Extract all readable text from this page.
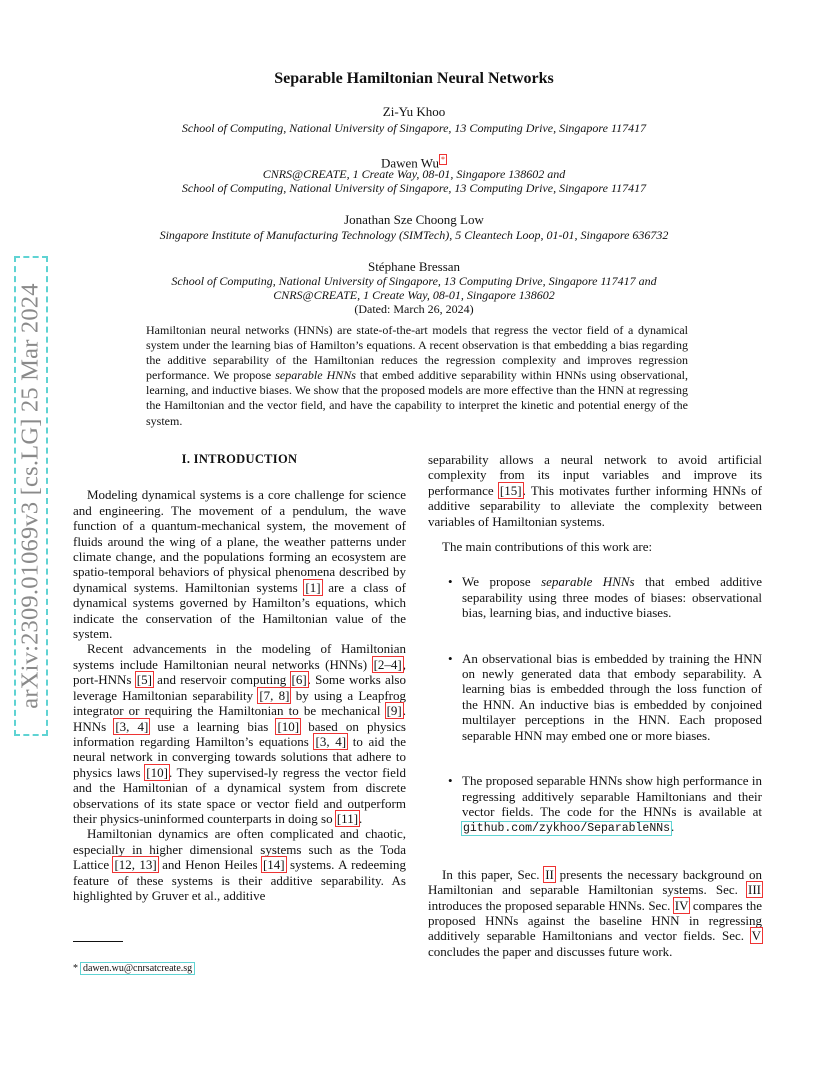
arXiv:2309.01069v3 [cs.LG] 25 Mar 2024
Separable Hamiltonian Neural Networks
Zi-Yu Khoo
School of Computing, National University of Singapore, 13 Computing Drive, Singapore 117417
Dawen Wu *
CNRS@CREATE, 1 Create Way, 08-01, Singapore 138602 and
School of Computing, National University of Singapore, 13 Computing Drive, Singapore 117417
Jonathan Sze Choong Low
Singapore Institute of Manufacturing Technology (SIMTech), 5 Cleantech Loop, 01-01, Singapore 636732
Stéphane Bressan
School of Computing, National University of Singapore, 13 Computing Drive, Singapore 117417 and
CNRS@CREATE, 1 Create Way, 08-01, Singapore 138602
(Dated: March 26, 2024)
Hamiltonian neural networks (HNNs) are state-of-the-art models that regress the vector field of a dynamical system under the learning bias of Hamilton’s equations. A recent observation is that embedding a bias regarding the additive separability of the Hamiltonian reduces the regression complexity and improves regression performance. We propose separable HNNs that embed additive separability within HNNs using observational, learning, and inductive biases. We show that the proposed models are more effective than the HNN at regressing the Hamiltonian and the vector field, and have the capability to interpret the kinetic and potential energy of the system.
I. INTRODUCTION

Modeling dynamical systems is a core challenge for science and engineering. The movement of a pendulum, the wave function of a quantum-mechanical system, the movement of fluids around the wing of a plane, the weather patterns under climate change, and the populations forming an ecosystem are spatio-temporal behaviors of physical phenomena described by dynamical systems. Hamiltonian systems [1] are a class of dynamical systems governed by Hamilton’s equations, which indicate the conservation of the Hamiltonian value of the system.

Recent advancements in the modeling of Hamiltonian systems include Hamiltonian neural networks (HNNs) [2–4], port-HNNs [5] and reservoir computing [6]. Some works also leverage Hamiltonian separability [7, 8] by using a Leapfrog integrator or requiring the Hamiltonian to be mechanical [9]. HNNs [3, 4] use a learning bias [10] based on physics information regarding Hamilton’s equations [3, 4] to aid the neural network in converging towards solutions that adhere to physics laws [10]. They supervised-ly regress the vector field and the Hamiltonian of a dynamical system from discrete observations of its state space or vector field and outperform their physics-uninformed counterparts in doing so [11].

Hamiltonian dynamics are often complicated and chaotic, especially in higher dimensional systems such as the Toda Lattice [12, 13] and Henon Heiles [14] systems. A redeeming feature of these systems is their additive separability. As highlighted by Gruver et al., additive

separability allows a neural network to avoid artificial complexity from its input variables and improve its performance [15]. This motivates further informing HNNs of additive separability to alleviate the complexity between variables of Hamiltonian systems.

The main contributions of this work are:

• We propose separable HNNs that embed additive separability using three modes of biases: observational bias, learning bias, and inductive biases.
• An observational bias is embedded by training the HNN on newly generated data that embody separability. A learning bias is embedded through the loss function of the HNN. An inductive bias is embedded by conjoined multilayer perceptions in the HNN. Each proposed separable HNN may embed one or more biases.
• The proposed separable HNNs show high performance in regressing additively separable Hamiltonians and their vector fields. The code for the HNNs is available at github.com/zykhoo/SeparableNNs.

In this paper, Sec. II presents the necessary background on Hamiltonian and separable Hamiltonian systems. Sec. III introduces the proposed separable HNNs. Sec. IV compares the proposed HNNs against the baseline HNN in regressing additively separable Hamiltonians and vector fields. Sec. V concludes the paper and discusses future work.

* dawen.wu@cnrsatcreate.sg
